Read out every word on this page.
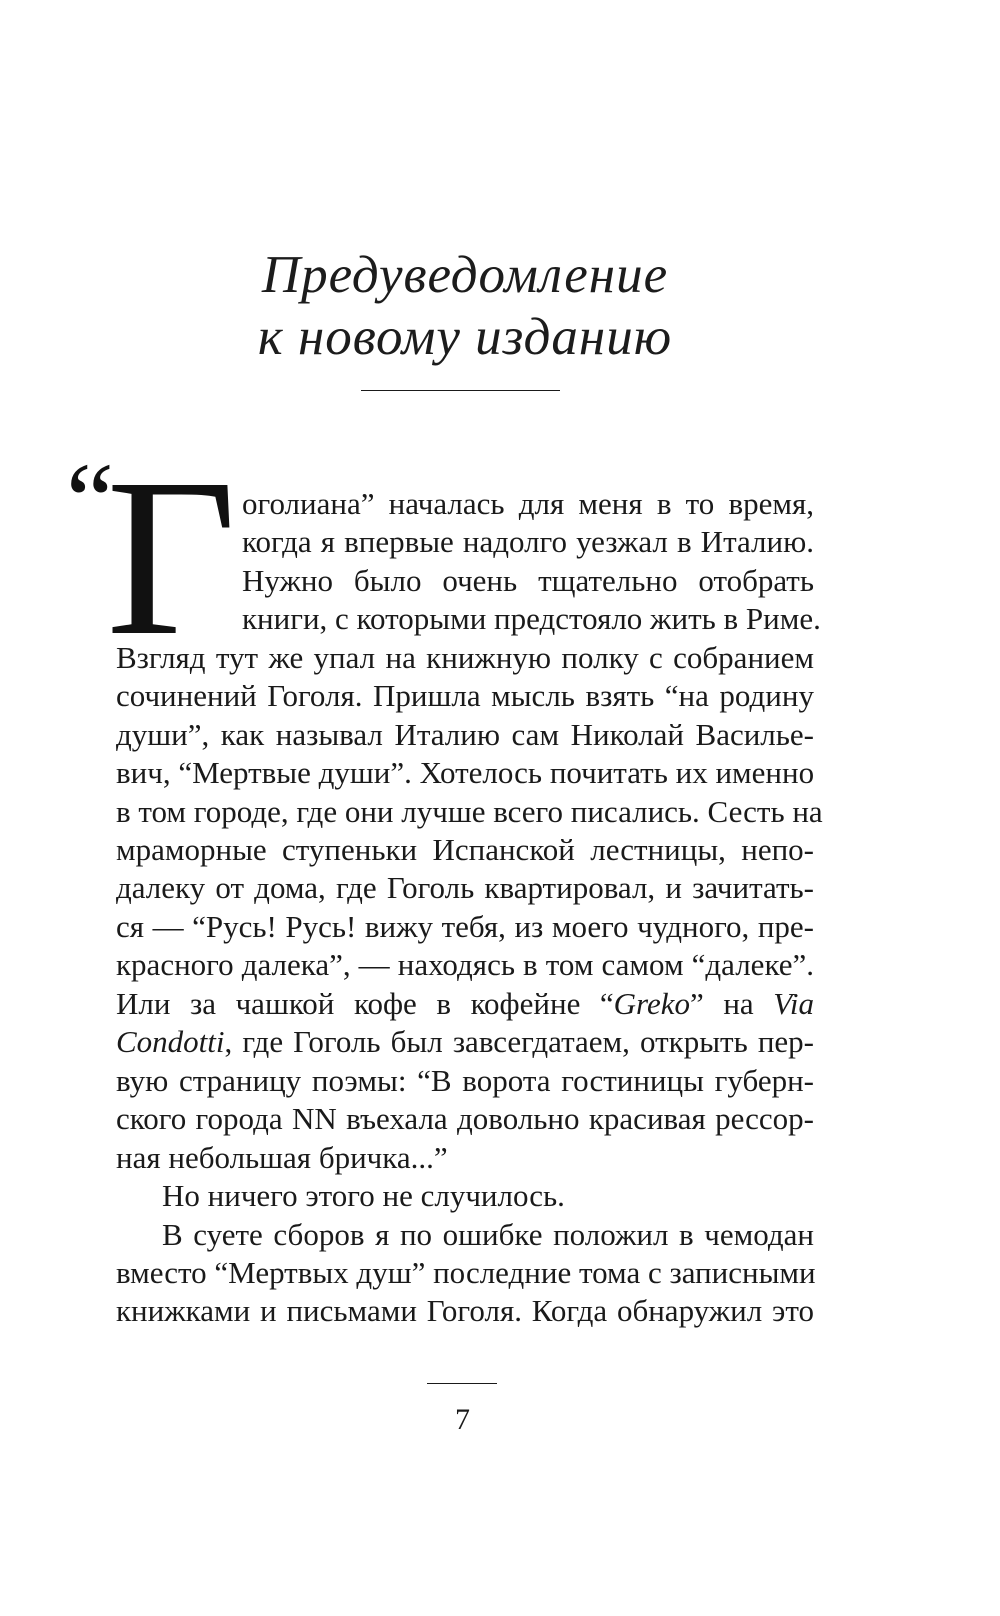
Предуведомление
к новому изданию
“
Г оголиана” началась для меня в то время,
когда я впервые надолго уезжал в Италию.
Нужно было очень тщательно отобрать
книги, с которыми предстояло жить в Риме.
Взгляд тут же упал на книжную полку с собранием
сочинений Гоголя. Пришла мысль взять “на родину
души”, как называл Италию сам Николай Василье-
вич, “Мертвые души”. Хотелось почитать их именно
в том городе, где они лучше всего писались. Сесть на
мраморные ступеньки Испанской лестницы, непо-
далеку от дома, где Гоголь квартировал, и зачитать-
ся — “Русь! Русь! вижу тебя, из моего чудного, пре-
красного далека”, — находясь в том самом “далеке”.
Или за чашкой кофе в кофейне “Greko” на Via
Condotti, где Гоголь был завсегдатаем, открыть пер-
вую страницу поэмы: “В ворота гостиницы губерн-
ского города NN въехала довольно красивая рессор-
ная небольшая бричка...”
Но ничего этого не случилось.
В суете сборов я по ошибке положил в чемодан
вместо “Мертвых душ” последние тома с записными
книжками и письмами Гоголя. Когда обнаружил это
7
